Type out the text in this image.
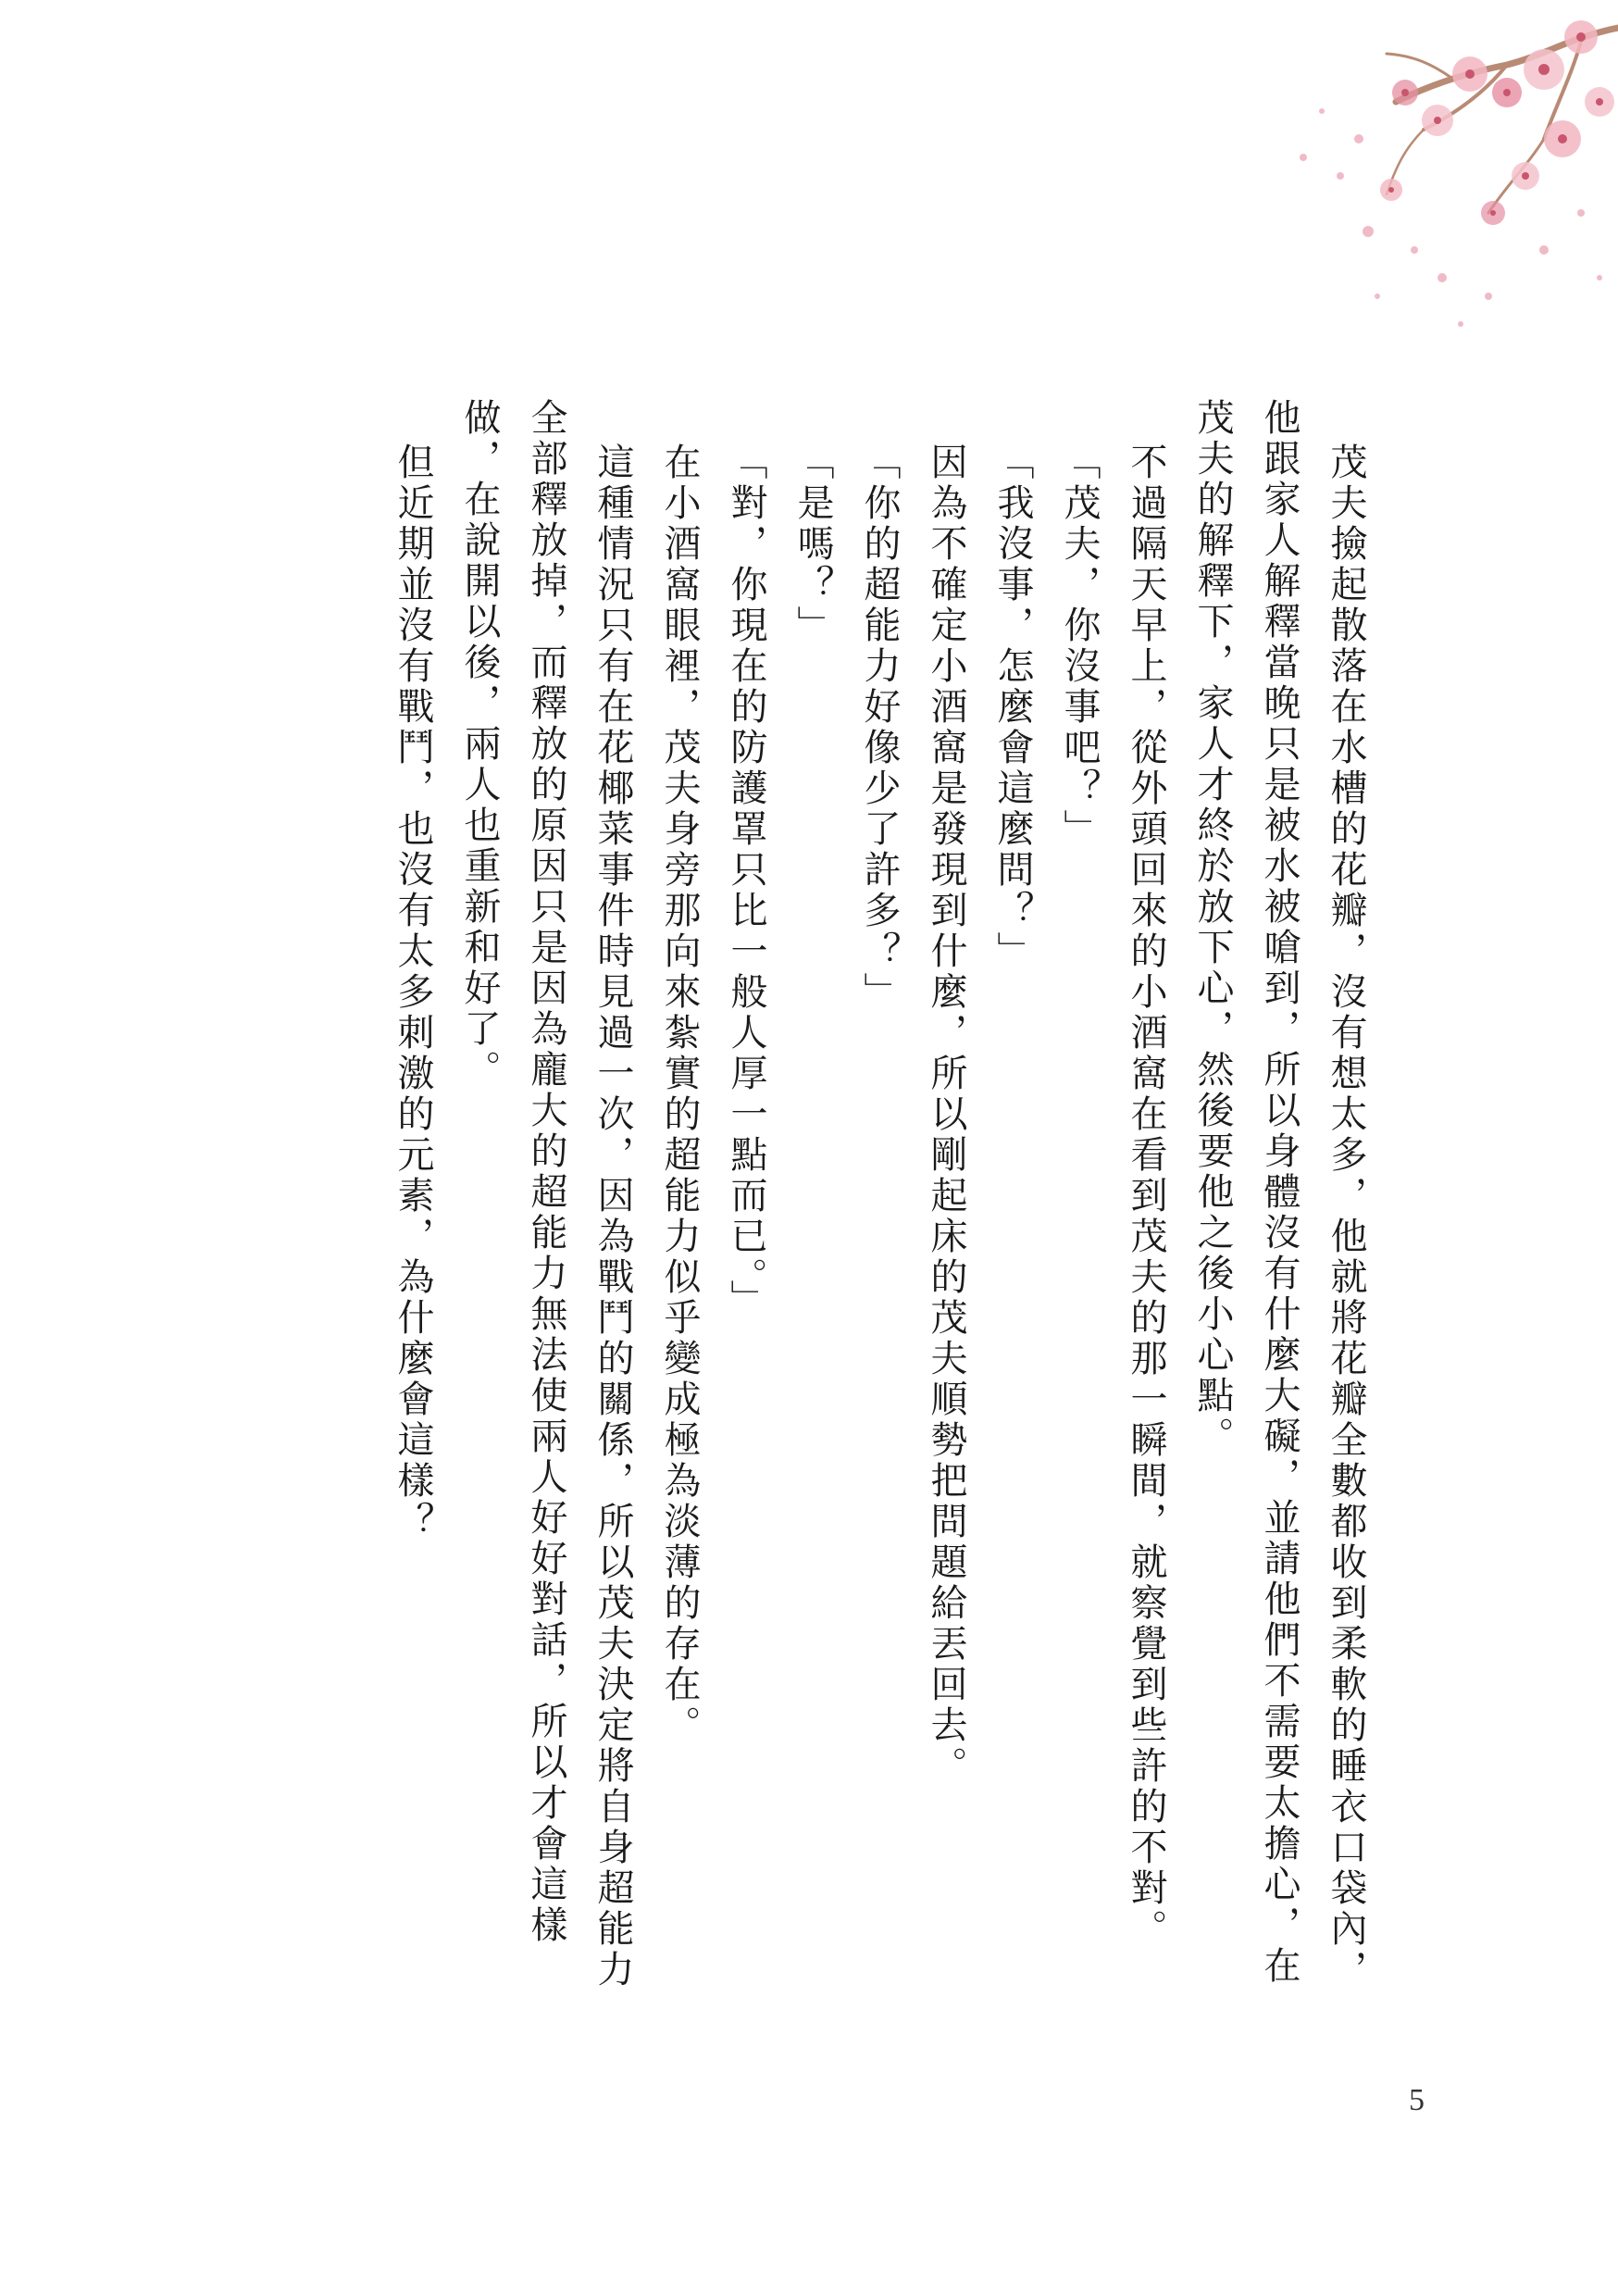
茂夫撿起散落在水槽的花瓣，沒有想太多，他就將花瓣全數都收到柔軟的睡衣口袋內，他跟家人解釋當晚只是被水被嗆到，所以身體沒有什麼大礙，並請他們不需要太擔心，在茂夫的解釋下，家人才終於放下心，然後要他之後小心點。

不過隔天早上，從外頭回來的小酒窩在看到茂夫的那一瞬間，就察覺到些許的不對。

「茂夫，你沒事吧？」

「我沒事，怎麼會這麼問？」

因為不確定小酒窩是發現到什麼，所以剛起床的茂夫順勢把問題給丟回去。

「你的超能力好像少了許多？」

「是嗎？」

「對，你現在的防護罩只比一般人厚一點而已。」

在小酒窩眼裡，茂夫身旁那向來紮實的超能力似乎變成極為淡薄的存在。

這種情況只有在花椰菜事件時見過一次，因為戰鬥的關係，所以茂夫決定將自身超能力全部釋放掉，而釋放的原因只是因為龐大的超能力無法使兩人好好對話，所以才會這樣做，在說開以後，兩人也重新和好了。

但近期並沒有戰鬥，也沒有太多刺激的元素，為什麼會這樣？

5
